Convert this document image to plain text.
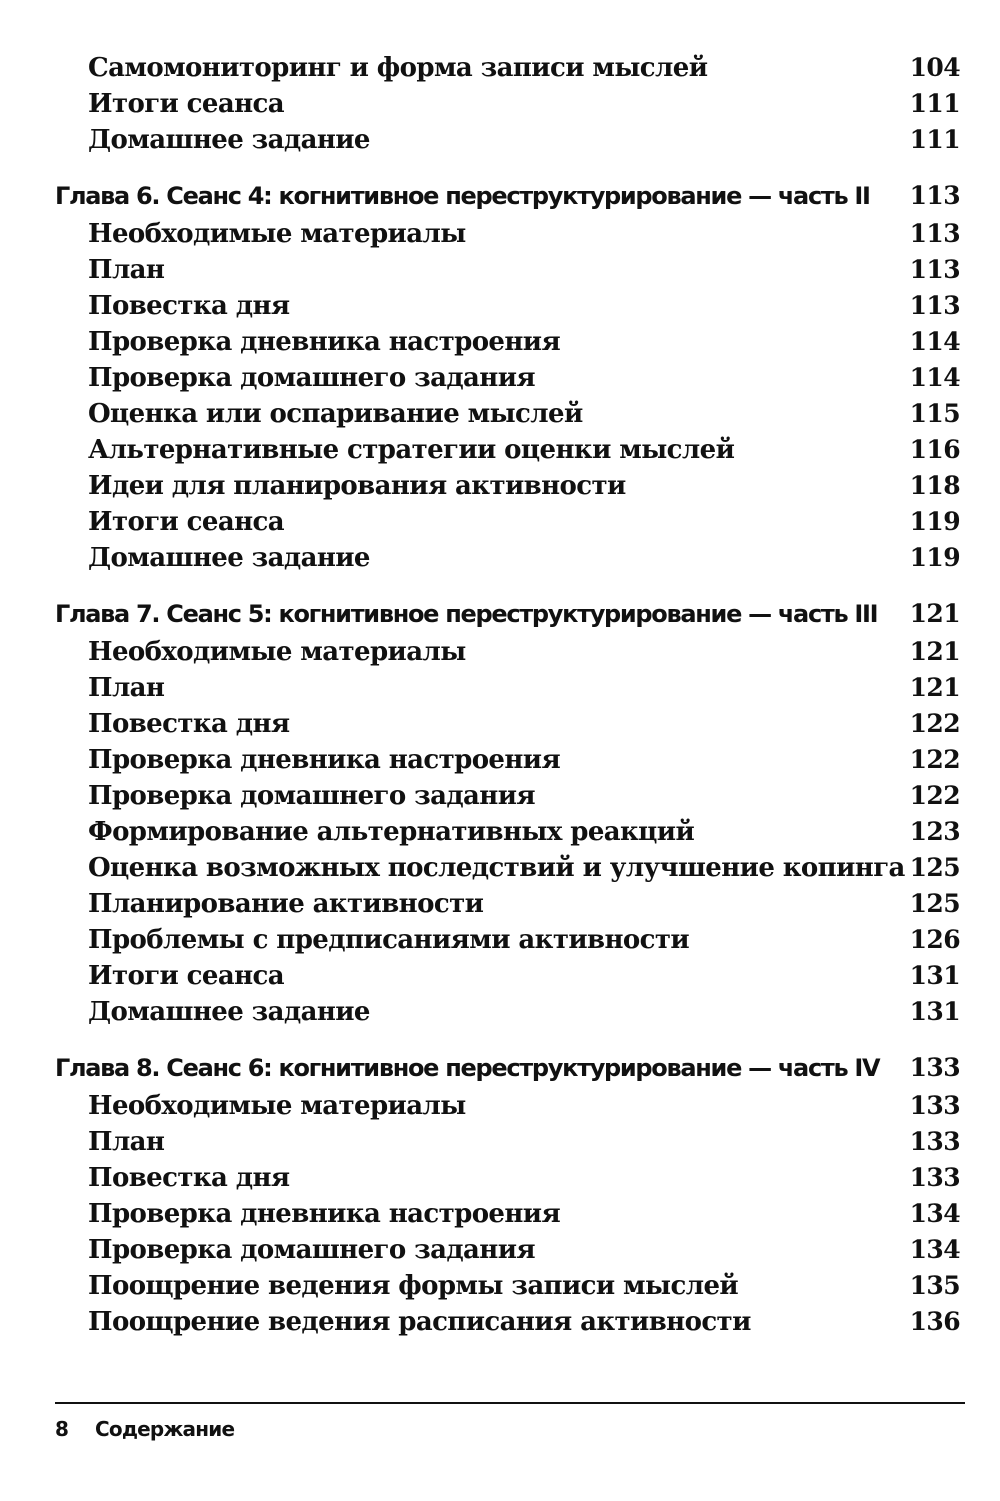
Самомониторинг и форма записи мыслей	104
Итоги сеанса	111
Домашнее задание	111
Глава 6. Сеанс 4: когнитивное переструктурирование — часть II 113
Необходимые материалы	113
План	113
Повестка дня	113
Проверка дневника настроения	114
Проверка домашнего задания	114
Оценка или оспаривание мыслей	115
Альтернативные стратегии оценки мыслей	116
Идеи для планирования активности	118
Итоги сеанса	119
Домашнее задание	119
Глава 7. Сеанс 5: когнитивное переструктурирование — часть III 121
Необходимые материалы	121
План	121
Повестка дня	122
Проверка дневника настроения	122
Проверка домашнего задания	122
Формирование альтернативных реакций	123
Оценка возможных последствий и улучшение копинга 125
Планирование активности	125
Проблемы с предписаниями активности	126
Итоги сеанса	131
Домашнее задание	131
Глава 8. Сеанс 6: когнитивное переструктурирование — часть IV 133
Необходимые материалы	133
План	133
Повестка дня	133
Проверка дневника настроения	134
Проверка домашнего задания	134
Поощрение ведения формы записи мыслей	135
Поощрение ведения расписания активности	136
8 Содержание
